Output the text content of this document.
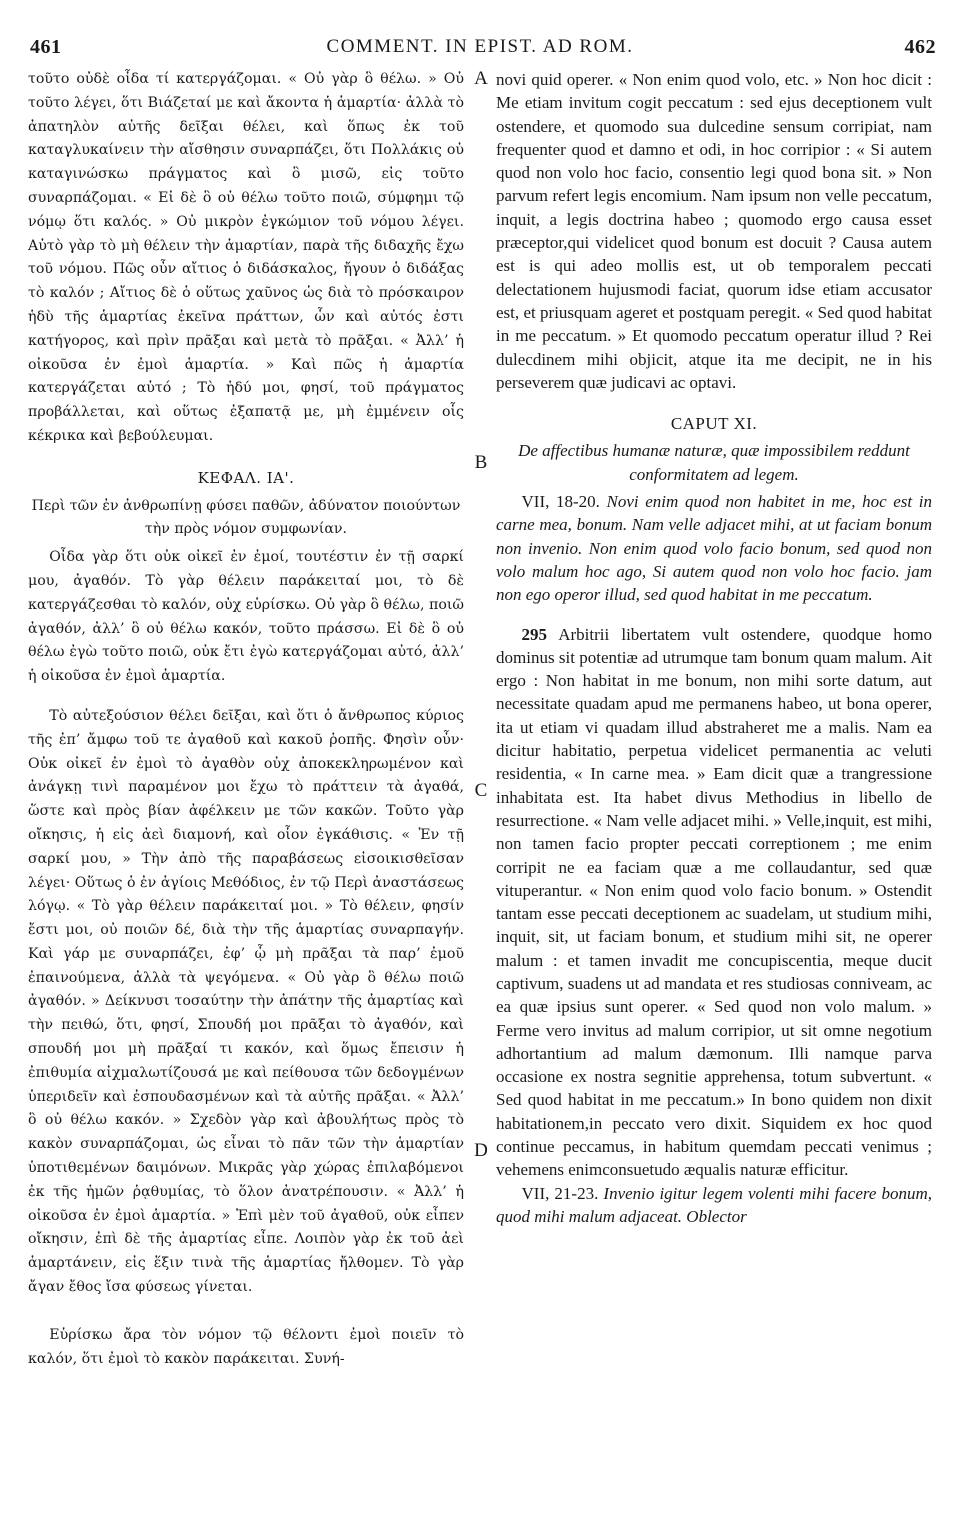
461	COMMENT. IN EPIST. AD ROM.	462
A
B
C
D

τοῦτο οὐδὲ οἶδα τί κατεργάζομαι. « Οὐ γὰρ ὃ θέλω. » Οὐ τοῦτο λέγει, ὅτι Βιάζεταί με καὶ ἄκοντα ἡ ἁμαρτία· ἀλλὰ τὸ ἀπατηλὸν αὐτῆς δεῖξαι θέλει, καὶ ὅπως ἐκ τοῦ καταγλυκαίνειν τὴν αἴσθησιν συναρπάζει, ὅτι Πολλάκις οὐ καταγινώσκω πράγματος καὶ ὃ μισῶ, εἰς τοῦτο συναρπάζομαι. « Εἰ δὲ ὃ οὐ θέλω τοῦτο ποιῶ, σύμφημι τῷ νόμῳ ὅτι καλός. » Οὐ μικρὸν ἐγκώμιον τοῦ νόμου λέγει. Αὐτὸ γὰρ τὸ μὴ θέλειν τὴν ἁμαρτίαν, παρὰ τῆς διδαχῆς ἔχω τοῦ νόμου. Πῶς οὖν αἴτιος ὁ διδάσκαλος, ἤγουν ὁ διδάξας τὸ καλόν ; Αἴτιος δὲ ὁ οὕτως χαῦνος ὡς διὰ τὸ πρόσκαιρον ἡδὺ τῆς ἁμαρτίας ἐκεῖνα πράττων, ὧν καὶ αὐτός ἐστι κατήγορος, καὶ πρὶν πρᾶξαι καὶ μετὰ τὸ πρᾶξαι. « Ἀλλ’ ἡ οἰκοῦσα ἐν ἐμοὶ ἁμαρτία. » Καὶ πῶς ἡ ἁμαρτία κατεργάζεται αὐτό ; Τὸ ἡδύ μοι, φησί, τοῦ πράγματος προβάλλεται, καὶ οὕτως ἐξαπατᾷ με, μὴ ἐμμένειν οἷς κέκρικα καὶ βεβούλευμαι.

ΚΕΦΑΛ. ΙΑ'.

Περὶ τῶν ἐν ἀνθρωπίνῃ φύσει παθῶν, ἀδύνατον ποιούντων τὴν πρὸς νόμον συμφωνίαν.

Οἶδα γὰρ ὅτι οὐκ οἰκεῖ ἐν ἐμοί, τουτέστιν ἐν τῇ σαρκί μου, ἀγαθόν. Τὸ γὰρ θέλειν παράκειταί μοι, τὸ δὲ κατεργάζεσθαι τὸ καλόν, οὐχ εὑρίσκω. Οὐ γὰρ ὃ θέλω, ποιῶ ἀγαθόν, ἀλλ’ ὃ οὐ θέλω κακόν, τοῦτο πράσσω. Εἰ δὲ ὃ οὐ θέλω ἐγὼ τοῦτο ποιῶ, οὐκ ἔτι ἐγὼ κατεργάζομαι αὐτό, ἀλλ’ ἡ οἰκοῦσα ἐν ἐμοὶ ἁμαρτία.

Τὸ αὐτεξούσιον θέλει δεῖξαι, καὶ ὅτι ὁ ἄνθρωπος κύριος τῆς ἐπ’ ἄμφω τοῦ τε ἀγαθοῦ καὶ κακοῦ ῥοπῆς. Φησὶν οὖν· Οὐκ οἰκεῖ ἐν ἐμοὶ τὸ ἀγαθὸν οὐχ ἀποκεκληρωμένον καὶ ἀνάγκῃ τινὶ παραμένον μοι ἔχω τὸ πράττειν τὰ ἀγαθά, ὥστε καὶ πρὸς βίαν ἀφέλκειν με τῶν κακῶν. Τοῦτο γὰρ οἴκησις, ἡ εἰς ἀεὶ διαμονή, καὶ οἷον ἐγκάθισις. « Ἐν τῇ σαρκί μου, » Τὴν ἀπὸ τῆς παραβάσεως εἰσοικισθεῖσαν λέγει· Οὕτως ὁ ἐν ἁγίοις Μεθόδιος, ἐν τῷ Περὶ ἀναστάσεως λόγῳ. « Τὸ γὰρ θέλειν παράκειταί μοι. » Τὸ θέλειν, φησίν ἔστι μοι, οὐ ποιῶν δέ, διὰ τὴν τῆς ἁμαρτίας συναρπαγήν. Καὶ γάρ με συναρπάζει, ἐφ’ ᾧ μὴ πρᾶξαι τὰ παρ’ ἐμοῦ ἐπαινούμενα, ἀλλὰ τὰ ψεγόμενα. « Οὐ γὰρ ὃ θέλω ποιῶ ἀγαθόν. » Δείκνυσι τοσαύτην τὴν ἀπάτην τῆς ἁμαρτίας καὶ τὴν πειθώ, ὅτι, φησί, Σπουδή μοι πρᾶξαι τὸ ἀγαθόν, καὶ σπουδή μοι μὴ πρᾶξαί τι κακόν, καὶ ὅμως ἔπεισιν ἡ ἐπιθυμία αἰχμαλωτίζουσά με καὶ πείθουσα τῶν δεδογμένων ὑπεριδεῖν καὶ ἐσπουδασμένων καὶ τὰ αὐτῆς πρᾶξαι. « Ἀλλ’ ὃ οὐ θέλω κακόν. » Σχεδὸν γὰρ καὶ ἀβουλήτως πρὸς τὸ κακὸν συναρπάζομαι, ὡς εἶναι τὸ πᾶν τῶν τὴν ἁμαρτίαν ὑποτιθεμένων δαιμόνων. Μικρᾶς γὰρ χώρας ἐπιλαβόμενοι ἐκ τῆς ἡμῶν ῥᾳθυμίας, τὸ ὅλον ἀνατρέπουσιν. « Ἀλλ’ ἡ οἰκοῦσα ἐν ἐμοὶ ἁμαρτία. » Ἐπὶ μὲν τοῦ ἀγαθοῦ, οὐκ εἶπεν οἴκησιν, ἐπὶ δὲ τῆς ἁμαρτίας εἶπε. Λοιπὸν γὰρ ἐκ τοῦ ἀεὶ ἁμαρτάνειν, εἰς ἕξιν τινὰ τῆς ἁμαρτίας ἤλθομεν. Τὸ γὰρ ἄγαν ἔθος ἴσα φύσεως γίνεται.

Εὑρίσκω ἄρα τὸν νόμον τῷ θέλοντι ἐμοὶ ποιεῖν τὸ καλόν, ὅτι ἐμοὶ τὸ κακὸν παράκειται. Συνή-

novi quid operer. « Non enim quod volo, etc. » Non hoc dicit : Me etiam invitum cogit peccatum : sed ejus deceptionem vult ostendere, et quomodo sua dulcedine sensum corripiat, nam frequenter quod et damno et odi, in hoc corripior : « Si autem quod non volo hoc facio, consentio legi quod bona sit. » Non parvum refert legis encomium. Nam ipsum non velle peccatum, inquit, a legis doctrina habeo ; quomodo ergo causa esset præceptor,qui videlicet quod bonum est docuit ? Causa autem est is qui adeo mollis est, ut ob temporalem peccati delectationem hujusmodi faciat, quorum idse etiam accusator est, et priusquam ageret et postquam peregit. « Sed quod habitat in me peccatum. » Et quomodo peccatum operatur illud ? Rei dulecdinem mihi objicit, atque ita me decipit, ne in his perseverem quæ judicavi ac optavi.

CAPUT XI.

De affectibus humanæ naturæ, quæ impossibilem reddunt conformitatem ad legem.

VII, 18-20. Novi enim quod non habitet in me, hoc est in carne mea, bonum. Nam velle adjacet mihi, at ut faciam bonum non invenio. Non enim quod volo facio bonum, sed quod non volo malum hoc ago, Si autem quod non volo hoc facio. jam non ego operor illud, sed quod habitat in me peccatum.

295 Arbitrii libertatem vult ostendere, quodque homo dominus sit potentiæ ad utrumque tam bonum quam malum. Ait ergo : Non habitat in me bonum, non mihi sorte datum, aut necessitate quadam apud me permanens habeo, ut bona operer, ita ut etiam vi quadam illud abstraheret me a malis. Nam ea dicitur habitatio, perpetua videlicet permanentia ac veluti residentia, « In carne mea. » Eam dicit quæ a trangressione inhabitata est. Ita habet divus Methodius in libello de resurrectione. « Nam velle adjacet mihi. » Velle,inquit, est mihi, non tamen facio propter peccati correptionem ; me enim corripit ne ea faciam quæ a me collaudantur, sed quæ vituperantur. « Non enim quod volo facio bonum. » Ostendit tantam esse peccati deceptionem ac suadelam, ut studium mihi, inquit, sit, ut faciam bonum, et studium mihi sit, ne operer malum : et tamen invadit me concupiscentia, meque ducit captivum, suadens ut ad mandata et res studiosas conniveam, ac ea quæ ipsius sunt operer. « Sed quod non volo malum. » Ferme vero invitus ad malum corripior, ut sit omne negotium adhortantium ad malum dæmonum. Illi namque parva occasione ex nostra segnitie apprehensa, totum subvertunt. « Sed quod habitat in me peccatum.» In bono quidem non dixit habitationem,in peccato vero dixit. Siquidem ex hoc quod continue peccamus, in habitum quemdam peccati venimus ; vehemens enimconsuetudo æqualis naturæ efficitur.

VII, 21-23. Invenio igitur legem volenti mihi facere bonum, quod mihi malum adjaceat. Oblector
